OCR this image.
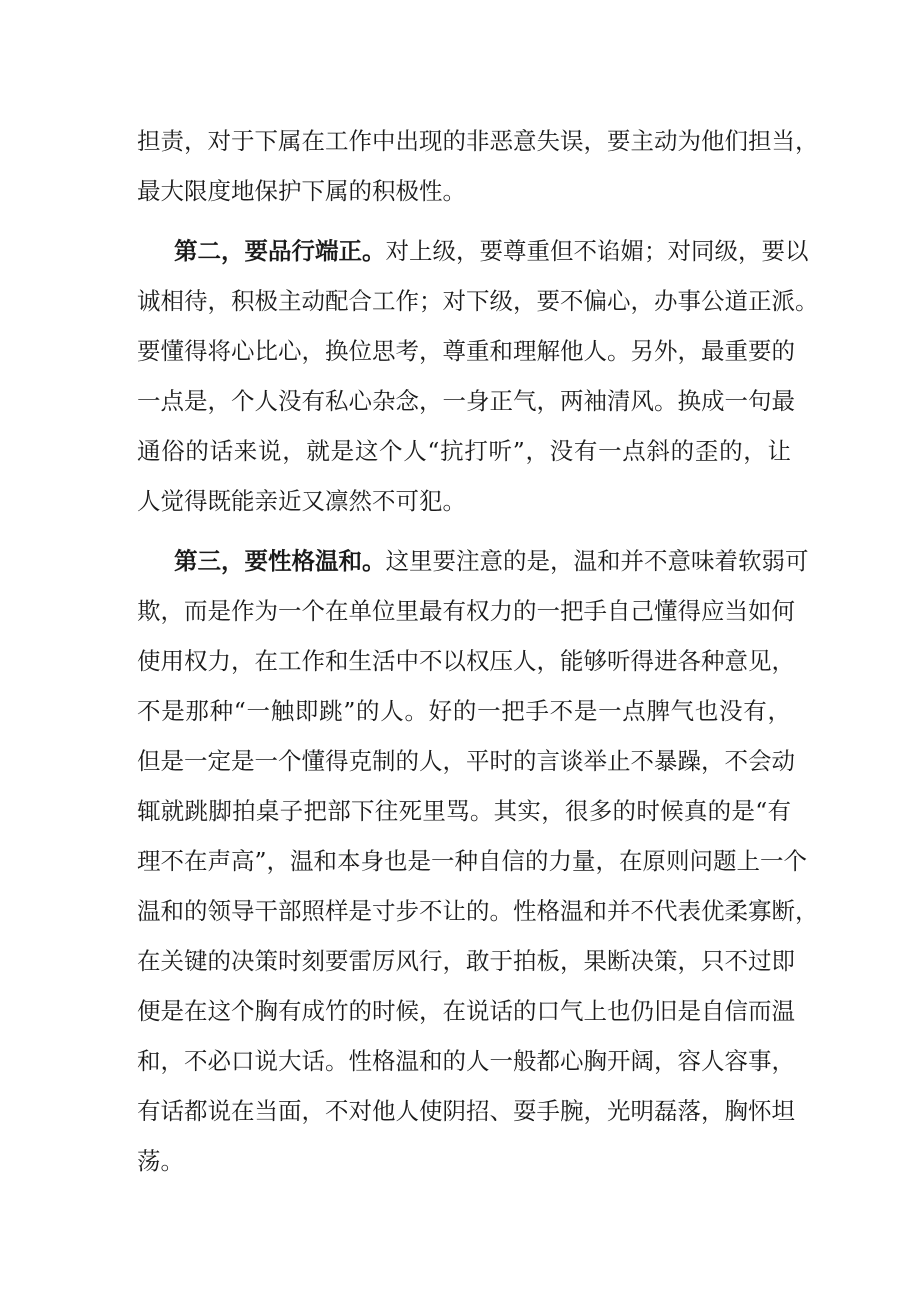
担责，对于下属在工作中出现的非恶意失误，要主动为他们担当，
最大限度地保护下属的积极性。
第二，要品行端正。对上级，要尊重但不谄媚；对同级，要以
诚相待，积极主动配合工作；对下级，要不偏心，办事公道正派。
要懂得将心比心，换位思考，尊重和理解他人。另外，最重要的
一点是，个人没有私心杂念，一身正气，两袖清风。换成一句最
通俗的话来说，就是这个人“抗打听”，没有一点斜的歪的，让
人觉得既能亲近又凛然不可犯。
第三，要性格温和。这里要注意的是，温和并不意味着软弱可
欺，而是作为一个在单位里最有权力的一把手自己懂得应当如何
使用权力，在工作和生活中不以权压人，能够听得进各种意见，
不是那种“一触即跳”的人。好的一把手不是一点脾气也没有，
但是一定是一个懂得克制的人，平时的言谈举止不暴躁，不会动
辄就跳脚拍桌子把部下往死里骂。其实，很多的时候真的是“有
理不在声高”，温和本身也是一种自信的力量，在原则问题上一个
温和的领导干部照样是寸步不让的。性格温和并不代表优柔寡断，
在关键的决策时刻要雷厉风行，敢于拍板，果断决策，只不过即
便是在这个胸有成竹的时候，在说话的口气上也仍旧是自信而温
和，不必口说大话。性格温和的人一般都心胸开阔，容人容事，
有话都说在当面，不对他人使阴招、耍手腕，光明磊落，胸怀坦
荡。
